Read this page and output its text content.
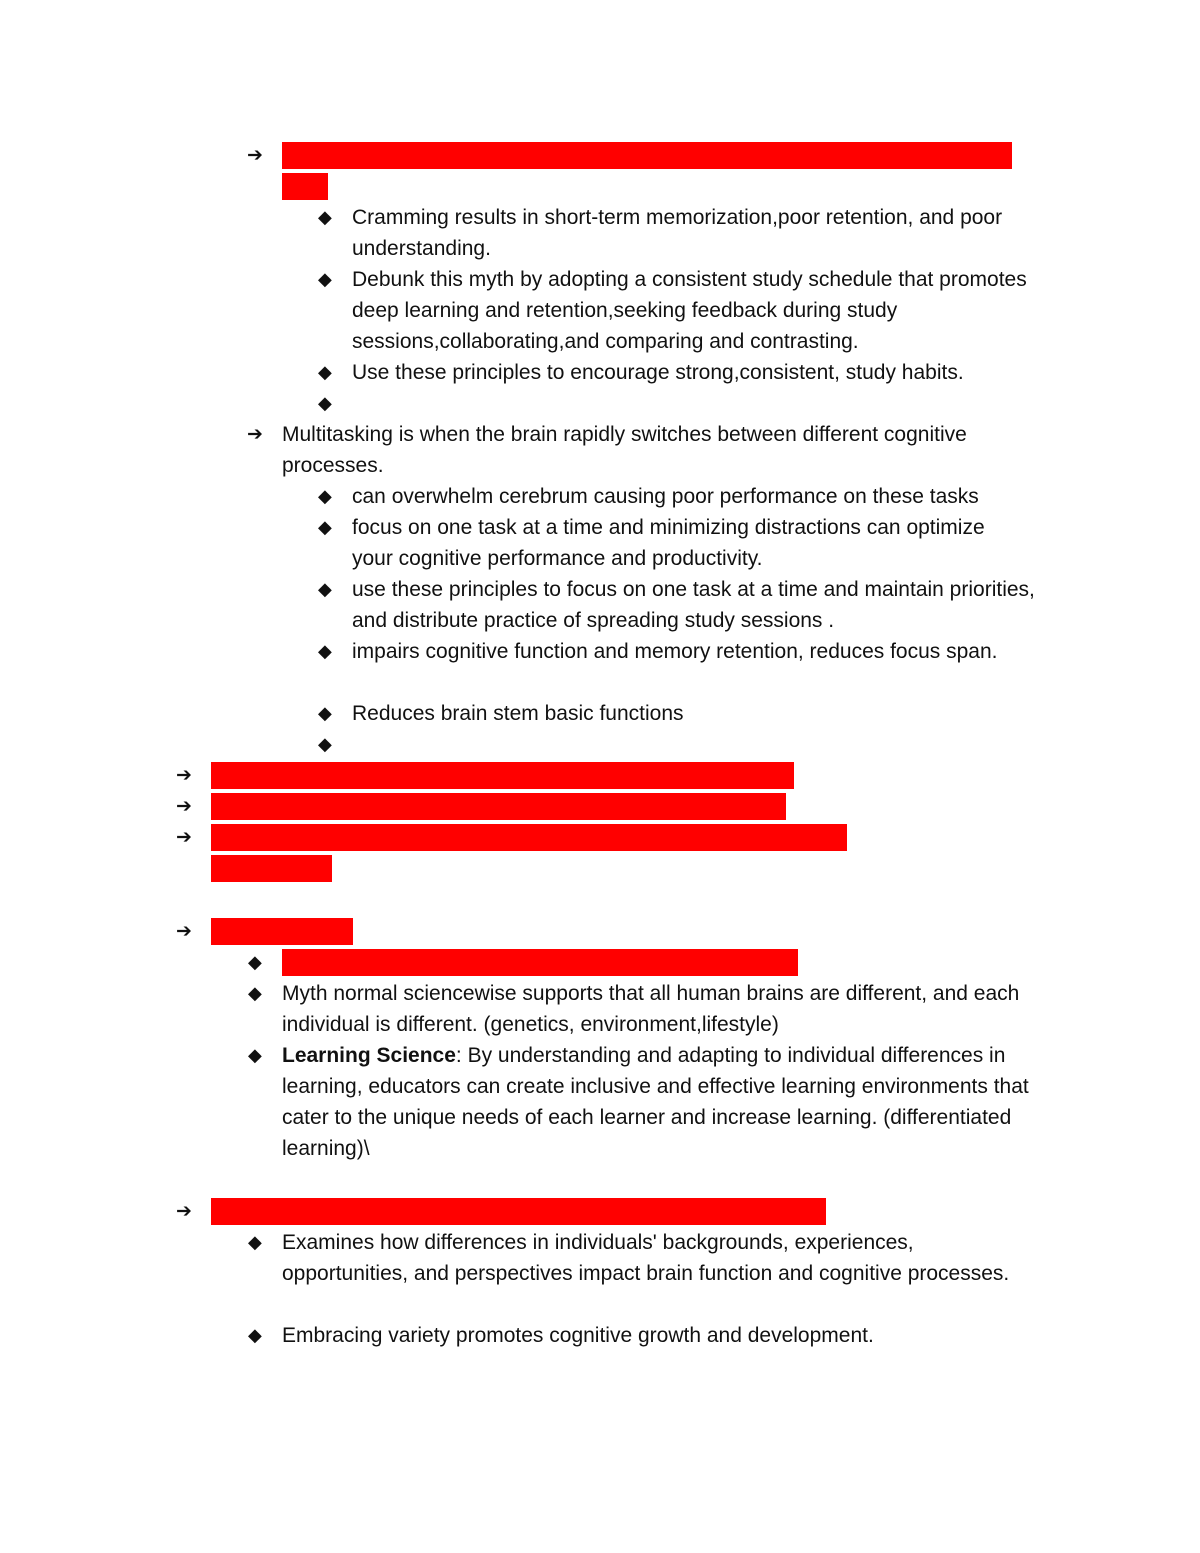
➔ Cramming is the process of intensely studying to retain info in a short period of time.
◆ Cramming results in short-term memorization,poor retention, and poor understanding.
◆ Debunk this myth by adopting a consistent study schedule that promotes deep learning and retention,seeking feedback during study sessions,collaborating,and comparing and contrasting.
◆ Use these principles to encourage strong,consistent, study habits.
◆
➔ Multitasking is when the brain rapidly switches between different cognitive processes.
◆ can overwhelm cerebrum causing poor performance on these tasks
◆ focus on one task at a time and minimizing distractions can optimize your cognitive performance and productivity.
◆ use these principles to focus on one task at a time and maintain priorities, and distribute practice of spreading study sessions .
◆ impairs cognitive function and memory retention, reduces focus span.
◆ Reduces brain stem basic functions
◆
➔ Spacing distributes learning , and enhances memory retention.
➔ Hippocampus is responsible for memories and attention span.
➔ Understanding neuroplasticity is key to creating an inclusive learning environment.
➔ Myth of Normal
◆ the idea that there is a certain way to think, learn,or act.
◆ Myth normal sciencewise supports that all human brains are different, and each individual is different. (genetics, environment,lifestyle)
◆ Learning Science: By understanding and adapting to individual differences in learning, educators can create inclusive and effective learning environments that cater to the unique needs of each learner and increase learning. (differentiated learning)\
➔ Neuroscience of Variety looks at brains with varied characteristics.
◆ Examines how differences in individuals' backgrounds, experiences, opportunities, and perspectives impact brain function and cognitive processes.
◆ Embracing variety promotes cognitive growth and development.
